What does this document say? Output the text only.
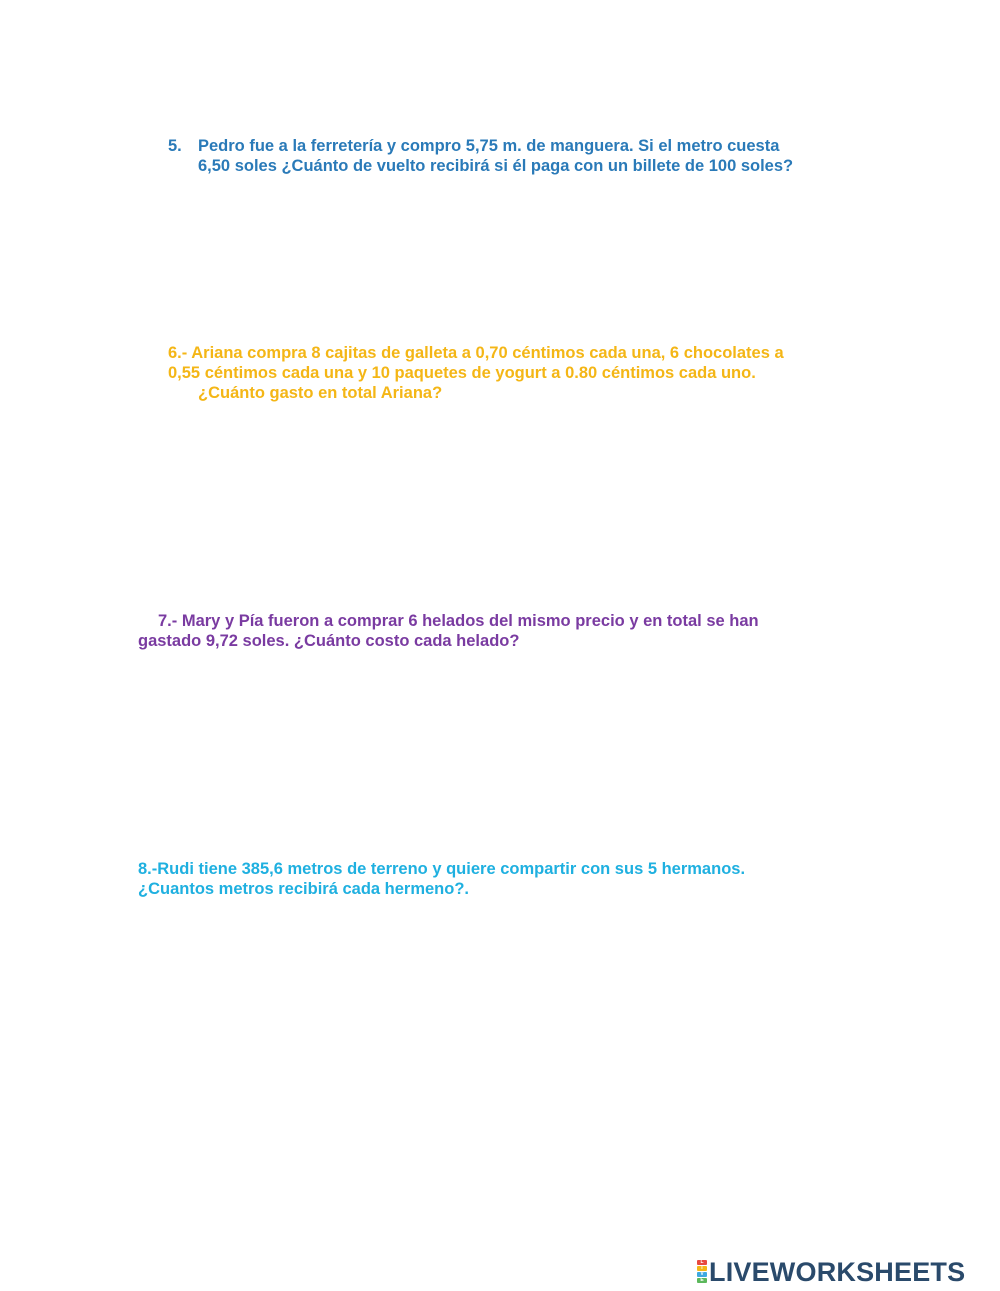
5. Pedro fue a la ferretería y compro 5,75 m. de manguera. Si el metro cuesta
6,50 soles ¿Cuánto de vuelto recibirá si él paga con un billete de 100 soles?
6.- Ariana compra 8 cajitas de galleta a 0,70 céntimos cada una, 6 chocolates a
0,55 céntimos cada una y 10 paquetes de yogurt a 0.80 céntimos cada uno.
¿Cuánto gasto en total Ariana?
7.- Mary y Pía fueron a comprar 6 helados del mismo precio y en total se han
gastado 9,72 soles. ¿Cuánto costo cada helado?
8.-Rudi tiene 385,6 metros de terreno y quiere compartir con sus 5 hermanos.
¿Cuantos metros recibirá cada hermeno?.
L
I
V
E LIVEWORKSHEETS
